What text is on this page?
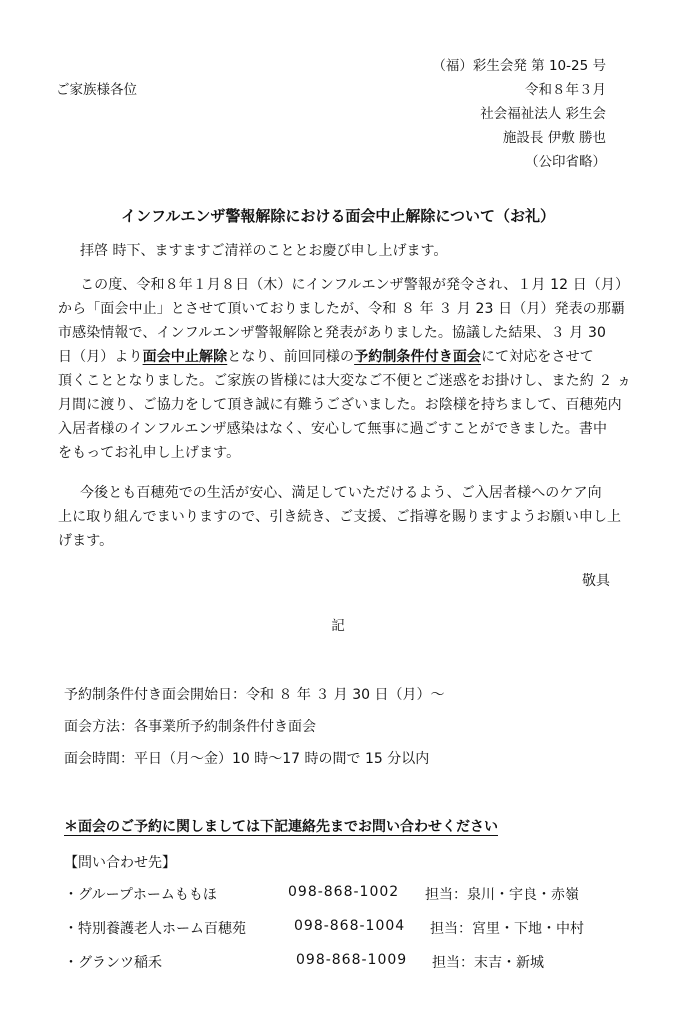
（福）彩生会発 第 10-25 号
ご家族様各位	令和８年３月
社会福祉法人 彩生会
施設長 伊敷 勝也
（公印省略）
インフルエンザ警報解除における面会中止解除について（お礼）
拝啓 時下、ますますご清祥のこととお慶び申し上げます。
この度、令和８年１月８日（木）にインフルエンザ警報が発令され、１月 12 日（月）
から「面会中止」とさせて頂いておりましたが、令和 ８ 年 ３ 月 23 日（月）発表の那覇
市感染情報で、インフルエンザ警報解除と発表がありました。協議した結果、３ 月 30
日（月）より面会中止解除となり、前回同様の予約制条件付き面会にて対応をさせて
頂くこととなりました。ご家族の皆様には大変なご不便とご迷惑をお掛けし、また約 ２ ヵ
月間に渡り、ご協力をして頂き誠に有難うございました。お陰様を持ちまして、百穂苑内
入居者様のインフルエンザ感染はなく、安心して無事に過ごすことができました。書中
をもってお礼申し上げます。
今後とも百穂苑での生活が安心、満足していただけるよう、ご入居者様へのケア向
上に取り組んでまいりますので、引き続き、ご支援、ご指導を賜りますようお願い申し上
げます。
敬具
記
予約制条件付き面会開始日：令和 ８ 年 ３ 月 30 日（月）～
面会方法：各事業所予約制条件付き面会
面会時間：平日（月～金）10 時～17 時の間で 15 分以内
＊面会のご予約に関しましては下記連絡先までお問い合わせください
【問い合わせ先】
・グループホームももほ	098-868-1002 担当：泉川・宇良・赤嶺
・特別養護老人ホーム百穂苑	098-868-1004 担当：宮里・下地・中村
・グランツ稲禾	098-868-1009 担当：末吉・新城
